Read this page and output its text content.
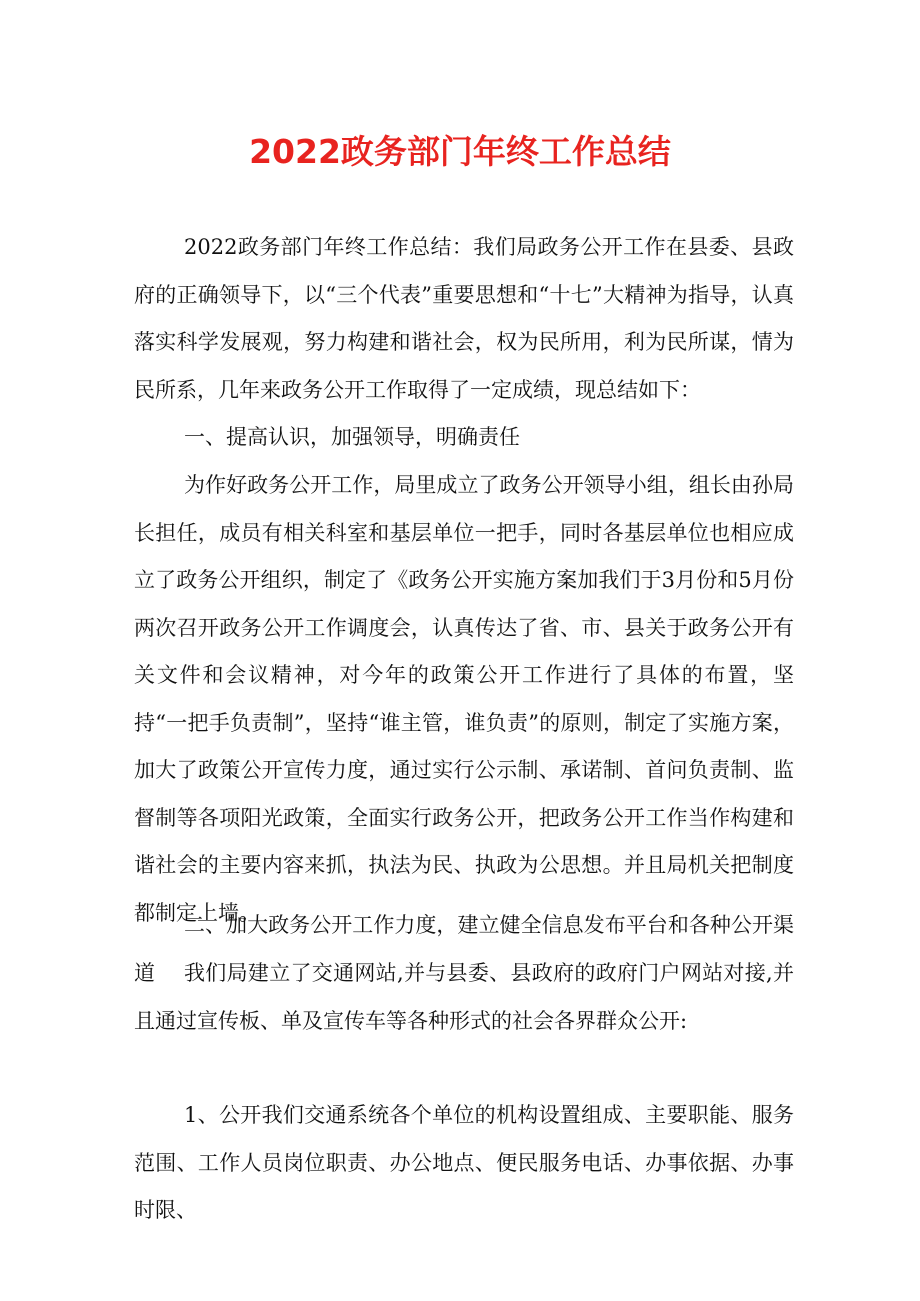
2022政务部门年终工作总结

2022政务部门年终工作总结：我们局政务公开工作在县委、县政府的正确领导下，以“三个代表”重要思想和“十七”大精神为指导，认真落实科学发展观，努力构建和谐社会，权为民所用，利为民所谋，情为民所系，几年来政务公开工作取得了一定成绩，现总结如下：

一、提高认识，加强领导，明确责任

为作好政务公开工作，局里成立了政务公开领导小组，组长由孙局长担任，成员有相关科室和基层单位一把手，同时各基层单位也相应成立了政务公开组织，制定了《政务公开实施方案加我们于3月份和5月份两次召开政务公开工作调度会，认真传达了省、市、县关于政务公开有关文件和会议精神，对今年的政策公开工作进行了具体的布置，坚持“一把手负责制”，坚持“谁主管，谁负责”的原则，制定了实施方案，加大了政策公开宣传力度，通过实行公示制、承诺制、首问负责制、监督制等各项阳光政策，全面实行政务公开，把政务公开工作当作构建和谐社会的主要内容来抓，执法为民、执政为公思想。并且局机关把制度都制定上墙。

二、加大政务公开工作力度，建立健全信息发布平台和各种公开渠道	我们局建立了交通网站,并与县委、县政府的政府门户网站对接,并且通过宣传板、单及宣传车等各种形式的社会各界群众公开:

1、公开我们交通系统各个单位的机构设置组成、主要职能、服务范围、工作人员岗位职责、办公地点、便民服务电话、办事依据、办事时限、
